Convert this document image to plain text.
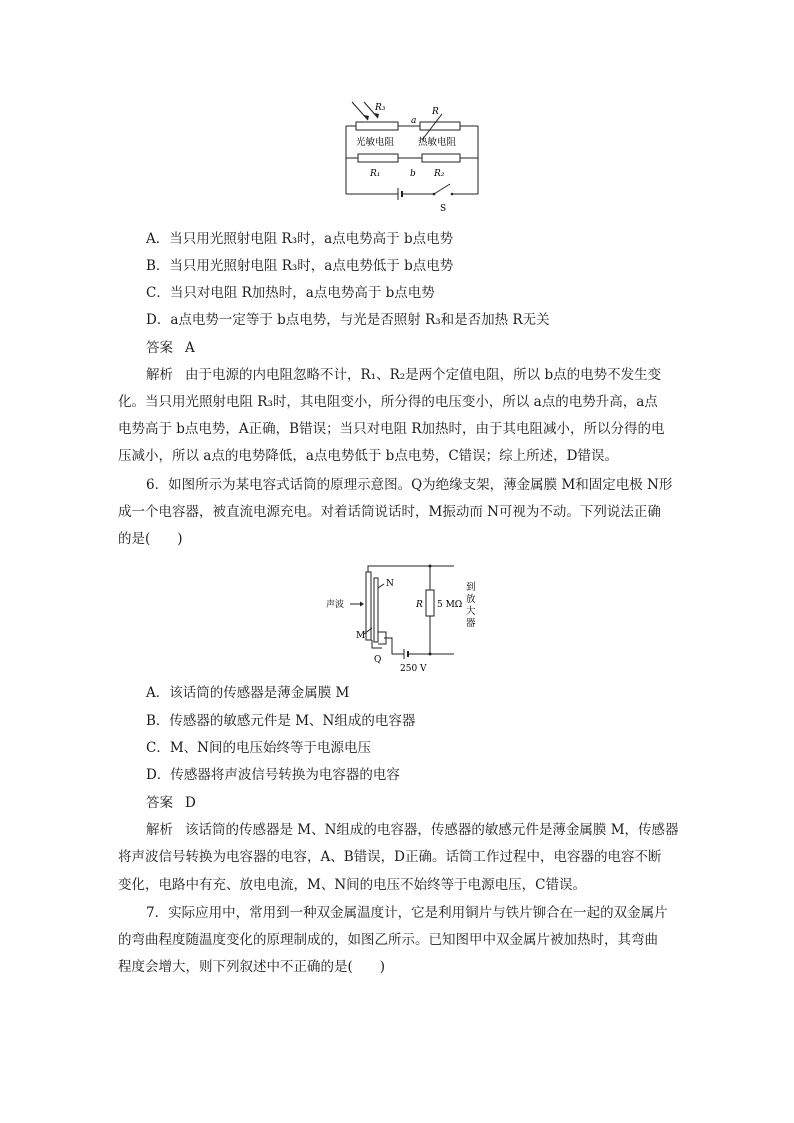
R₃	R
a
光敏电阻	热敏电阻
R₁	b R₂
S
A．当只用光照射电阻 R₃时，a点电势高于 b点电势
B．当只用光照射电阻 R₃时，a点电势低于 b点电势
C．当只对电阻 R加热时，a点电势高于 b点电势
D．a点电势一定等于 b点电势，与光是否照射 R₃和是否加热 R无关
答案 A
解析 由于电源的内电阻忽略不计，R₁、R₂是两个定值电阻，所以 b点的电势不发生变
化。当只用光照射电阻 R₃时，其电阻变小，所分得的电压变小，所以 a点的电势升高，a点
电势高于 b点电势，A正确，B错误；当只对电阻 R加热时，由于其电阻减小，所以分得的电
压减小，所以 a点的电势降低，a点电势低于 b点电势，C错误；综上所述，D错误。
6．如图所示为某电容式话筒的原理示意图。Q为绝缘支架，薄金属膜 M和固定电极 N形
成一个电容器，被直流电源充电。对着话筒说话时，M振动而 N可视为不动。下列说法正确
的是(　　)
声波
N
M
Q
R 5 MΩ
250 V
到
放
大
器
A．该话筒的传感器是薄金属膜 M
B．传感器的敏感元件是 M、N组成的电容器
C．M、N间的电压始终等于电源电压
D．传感器将声波信号转换为电容器的电容
答案 D
解析 该话筒的传感器是 M、N组成的电容器，传感器的敏感元件是薄金属膜 M，传感器
将声波信号转换为电容器的电容，A、B错误，D正确。话筒工作过程中，电容器的电容不断
变化，电路中有充、放电电流，M、N间的电压不始终等于电源电压，C错误。
7．实际应用中，常用到一种双金属温度计，它是利用铜片与铁片铆合在一起的双金属片
的弯曲程度随温度变化的原理制成的，如图乙所示。已知图甲中双金属片被加热时，其弯曲
程度会增大，则下列叙述中不正确的是(　　)
